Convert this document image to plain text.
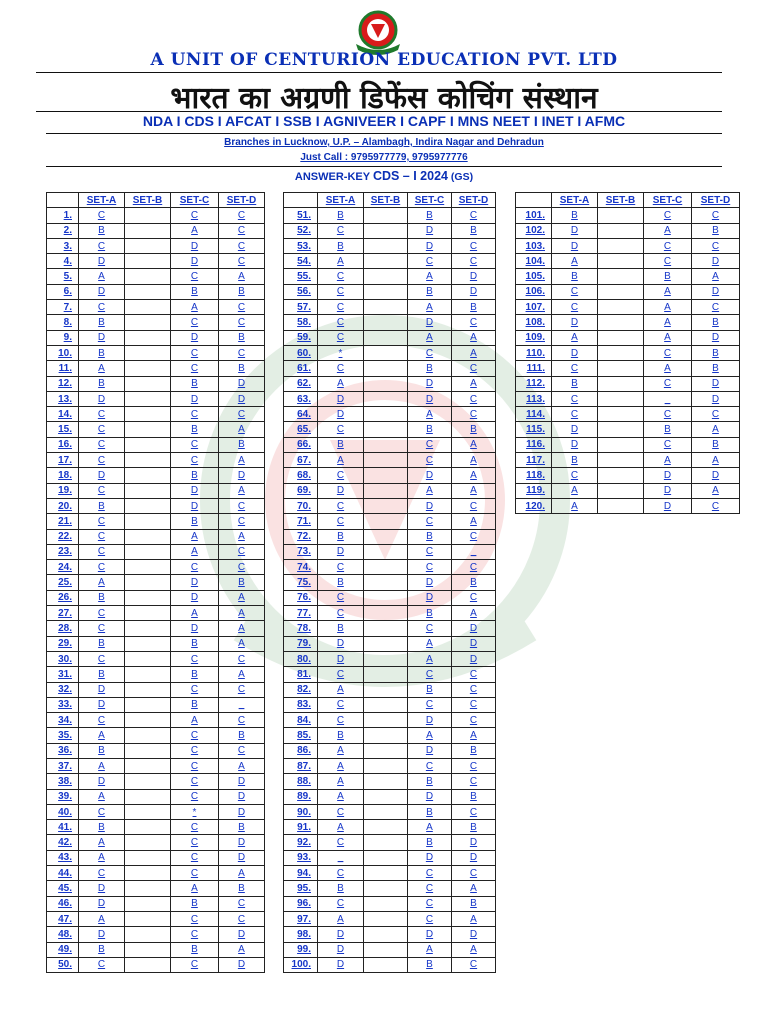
A UNIT OF CENTURION EDUCATION PVT. LTD
भारत का अग्रणी डिफेंस कोचिंग संस्थान
NDA I CDS I AFCAT I SSB I AGNIVEER I CAPF I MNS NEET I INET I AFMC
Branches in Lucknow, U.P. – Alambagh, Indira Nagar and Dehradun
Just Call : 9795977779, 9795977776
ANSWER-KEY CDS – I 2024 (GS)
	SET-A	SET-B	SET-C	SET-D
1.	C		C	C
2.	B		A	C
3.	C		D	C
4.	D		D	C
5.	A		C	A
6.	D		B	B
7.	C		A	C
8.	B		C	C
9.	D		D	B
10.	B		C	C
11.	A		C	B
12.	B		B	D
13.	D		D	D
14.	C		C	C
15.	C		B	A
16.	C		C	B
17.	C		C	A
18.	D		B	D
19.	C		D	A
20.	B		D	C
21.	C		B	C
22.	C		A	A
23.	C		A	C
24.	C		C	C
25.	A		D	B
26.	B		D	A
27.	C		A	A
28.	C		D	A
29.	B		B	A
30.	C		C	C
31.	B		B	A
32.	D		C	C
33.	D		B	_
34.	C		A	C
35.	A		C	B
36.	B		C	C
37.	A		C	A
38.	D		C	D
39.	A		C	D
40.	C		*	D
41.	B		C	B
42.	A		C	D
43.	A		C	D
44.	C		C	A
45.	D		A	B
46.	D		B	C
47.	A		C	C
48.	D		C	D
49.	B		B	A
50.	C		C	D
	SET-A	SET-B	SET-C	SET-D
51.	B		B	C
52.	C		D	B
53.	B		D	C
54.	A		C	C
55.	C		A	D
56.	C		B	D
57.	C		A	B
58.	C		D	C
59.	C		A	A
60.	*		C	A
61.	C		B	C
62.	A		D	A
63.	D		D	C
64.	D		A	C
65.	C		B	B
66.	B		C	A
67.	A		C	A
68.	C		D	A
69.	D		A	A
70.	C		D	C
71.	C		C	A
72.	B		B	C
73.	D		C	_
74.	C		C	C
75.	B		D	B
76.	C		D	C
77.	C		B	A
78.	B		C	D
79.	D		A	D
80.	D		A	D
81.	C		C	C
82.	A		B	C
83.	C		C	C
84.	C		D	C
85.	B		A	A
86.	A		D	B
87.	A		C	C
88.	A		B	C
89.	A		D	B
90.	C		B	C
91.	A		A	B
92.	C		B	D
93.	_		D	D
94.	C		C	C
95.	B		C	A
96.	C		C	B
97.	A		C	A
98.	D		D	D
99.	D		A	A
100.	D		B	C
	SET-A	SET-B	SET-C	SET-D
101.	B		C	C
102.	D		A	B
103.	D		C	C
104.	A		C	D
105.	B		B	A
106.	C		A	D
107.	C		A	C
108.	D		A	B
109.	A		A	D
110.	D		C	B
111.	C		A	B
112.	B		C	D
113.	C		_	D
114.	C		C	C
115.	D		B	A
116.	D		C	B
117.	B		A	A
118.	C		D	D
119.	A		D	A
120.	A		D	C
